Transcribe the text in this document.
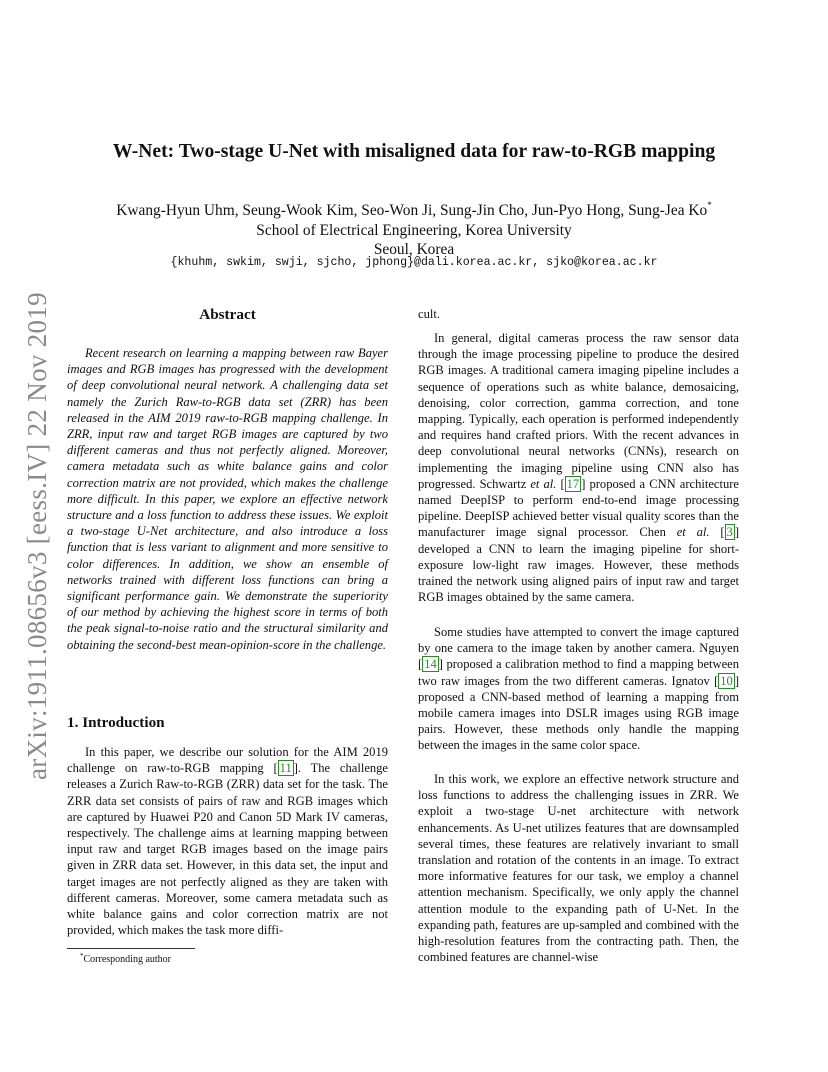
arXiv:1911.08656v3 [eess.IV] 22 Nov 2019
W-Net: Two-stage U-Net with misaligned data for raw-to-RGB mapping
Kwang-Hyun Uhm, Seung-Wook Kim, Seo-Won Ji, Sung-Jin Cho, Jun-Pyo Hong, Sung-Jea Ko*
School of Electrical Engineering, Korea University
Seoul, Korea
{khuhm, swkim, swji, sjcho, jphong}@dali.korea.ac.kr, sjko@korea.ac.kr
Abstract

Recent research on learning a mapping between raw Bayer images and RGB images has progressed with the development of deep convolutional neural network. A challenging data set namely the Zurich Raw-to-RGB data set (ZRR) has been released in the AIM 2019 raw-to-RGB mapping challenge. In ZRR, input raw and target RGB images are captured by two different cameras and thus not perfectly aligned. Moreover, camera metadata such as white balance gains and color correction matrix are not provided, which makes the challenge more difficult. In this paper, we explore an effective network structure and a loss function to address these issues. We exploit a two-stage U-Net architecture, and also introduce a loss function that is less variant to alignment and more sensitive to color differences. In addition, we show an ensemble of networks trained with different loss functions can bring a significant performance gain. We demonstrate the superiority of our method by achieving the highest score in terms of both the peak signal-to-noise ratio and the structural similarity and obtaining the second-best mean-opinion-score in the challenge.

1. Introduction

In this paper, we describe our solution for the AIM 2019 challenge on raw-to-RGB mapping [ 11 ]. The challenge releases a Zurich Raw-to-RGB (ZRR) data set for the task. The ZRR data set consists of pairs of raw and RGB images which are captured by Huawei P20 and Canon 5D Mark IV cameras, respectively. The challenge aims at learning mapping between input raw and target RGB images based on the image pairs given in ZRR data set. However, in this data set, the input and target images are not perfectly aligned as they are taken with different cameras. Moreover, some camera metadata such as white balance gains and color correction matrix are not provided, which makes the task more diffi-

*Corresponding author

cult.

In general, digital cameras process the raw sensor data through the image processing pipeline to produce the desired RGB images. A traditional camera imaging pipeline includes a sequence of operations such as white balance, demosaicing, denoising, color correction, gamma correction, and tone mapping. Typically, each operation is performed independently and requires hand crafted priors. With the recent advances in deep convolutional neural networks (CNNs), research on implementing the imaging pipeline using CNN also has progressed. Schwartz et al. [ 17 ] proposed a CNN architecture named DeepISP to perform end-to-end image processing pipeline. DeepISP achieved better visual quality scores than the manufacturer image signal processor. Chen et al. [ 3 ] developed a CNN to learn the imaging pipeline for short-exposure low-light raw images. However, these methods trained the network using aligned pairs of input raw and target RGB images obtained by the same camera.

Some studies have attempted to convert the image captured by one camera to the image taken by another camera. Nguyen [ 14 ] proposed a calibration method to find a mapping between two raw images from the two different cameras. Ignatov [ 10 ] proposed a CNN-based method of learning a mapping from mobile camera images into DSLR images using RGB image pairs. However, these methods only handle the mapping between the images in the same color space.

In this work, we explore an effective network structure and loss functions to address the challenging issues in ZRR. We exploit a two-stage U-net architecture with network enhancements. As U-net utilizes features that are downsampled several times, these features are relatively invariant to small translation and rotation of the contents in an image. To extract more informative features for our task, we employ a channel attention mechanism. Specifically, we only apply the channel attention module to the expanding path of U-Net. In the expanding path, features are up-sampled and combined with the high-resolution features from the contracting path. Then, the combined features are channel-wise
